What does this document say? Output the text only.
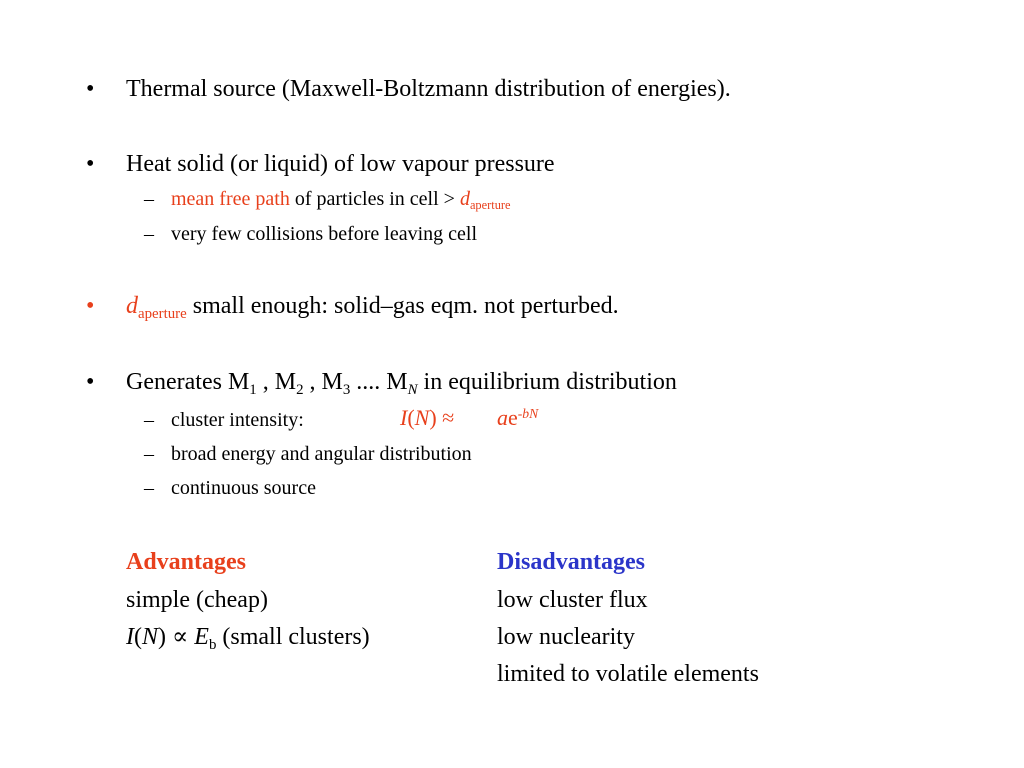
• Thermal source (Maxwell-Boltzmann distribution of energies).
• Heat solid (or liquid) of low vapour pressure
– mean free path of particles in cell > $d_{aperture}$
– very few collisions before leaving cell
• $d_{aperture}$ small enough: solid–gas eqm. not perturbed.
• Generates $M_1$ , $M_2$ , $M_3$ .... $M_N$ in equilibrium distribution
– cluster intensity:	$I(N) \approx ae^{-bN}$
– broad energy and angular distribution
– continuous source
Advantages
simple (cheap)
$I(N) \propto E_b$ (small clusters)
Disadvantages
low cluster flux
low nuclearity
limited to volatile elements
